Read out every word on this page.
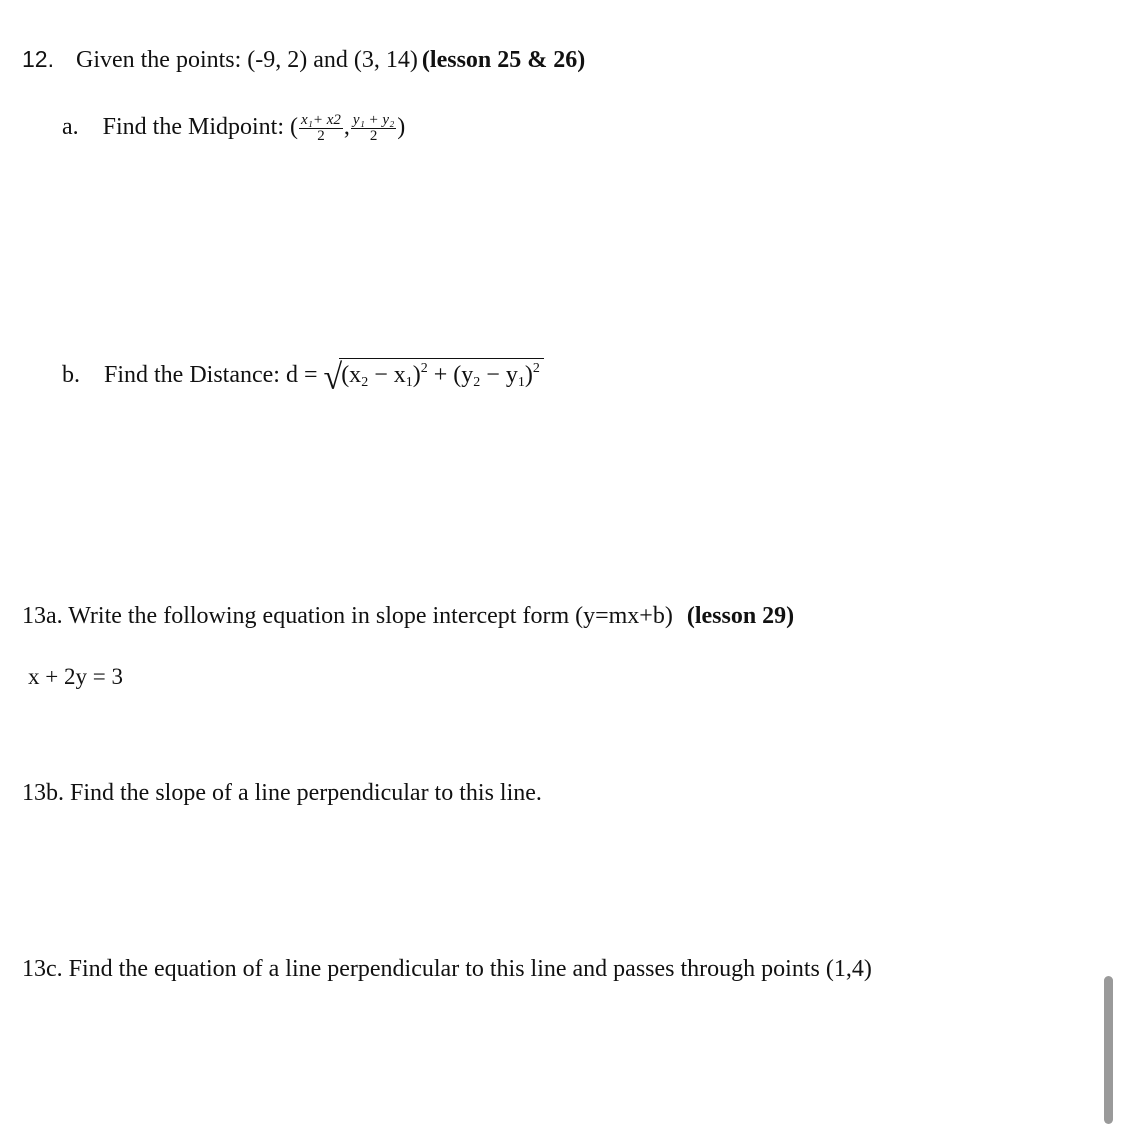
12. Given the points: (-9, 2) and (3, 14) (lesson 25 & 26)
a. Find the Midpoint: ( $\frac{\text{x₁+ x2}}{2}$ , $\frac{\text{y₁ + y₂}}{2}$ )
b. Find the Distance: $d = √(x_2 - x_1)^2 + (y_2 - y_1)^2$
13a. Write the following equation in slope intercept form (y=mx+b) (lesson 29)
x + 2y = 3
13b. Find the slope of a line perpendicular to this line.
13c. Find the equation of a line perpendicular to this line and passes through points (1,4)
